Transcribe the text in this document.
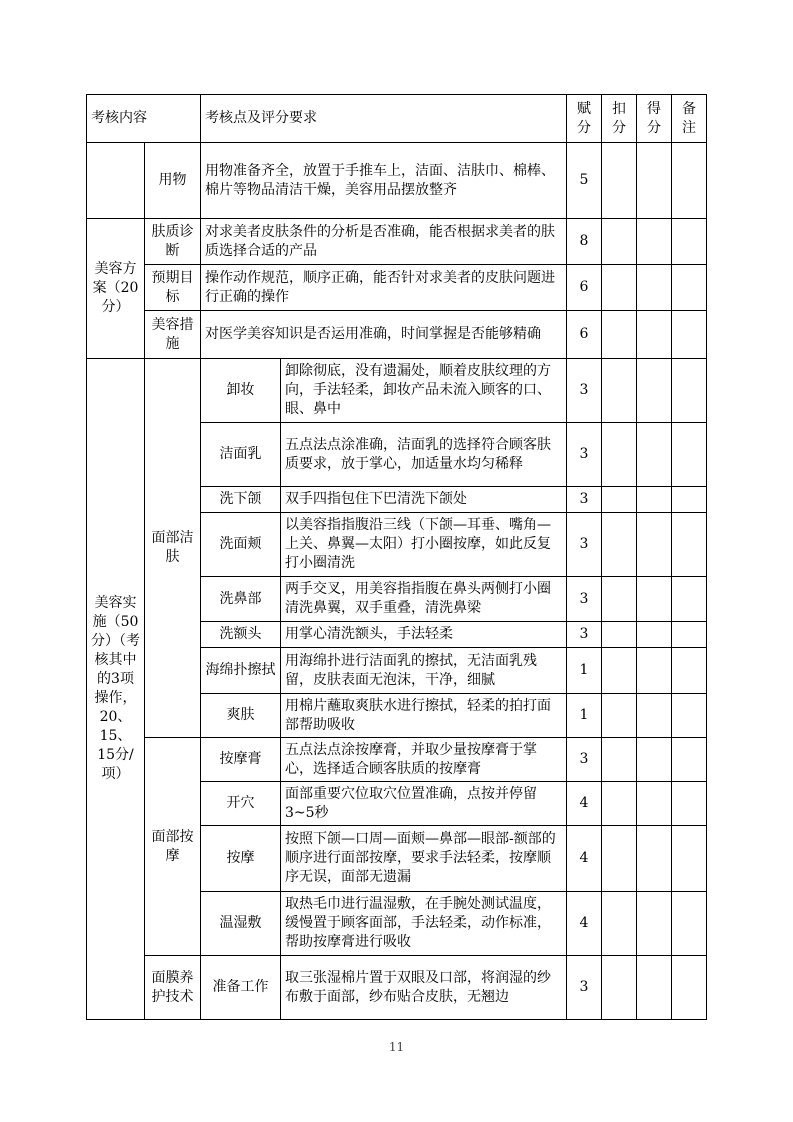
考核内容		考核点及评分要求		赋分	扣分	得分	备注
	用物	用物准备齐全，放置于手推车上，洁面、洁肤巾、棉棒、棉片等物品清洁干燥，美容用品摆放整齐		5			
美容方案（20分）	肤质诊断	对求美者皮肤条件的分析是否准确，能否根据求美者的肤质选择合适的产品		8			
	预期目标	操作动作规范，顺序正确，能否针对求美者的皮肤问题进行正确的操作		6			
	美容措施	对医学美容知识是否运用准确，时间掌握是否能够精确		6			
美容实施（50分）（考核其中的3项操作，20、15、15分/项）	面部洁肤	卸妆	卸除彻底，没有遗漏处，顺着皮肤纹理的方向，手法轻柔，卸妆产品未流入顾客的口、眼、鼻中	3			
		洁面乳	五点法点涂准确，洁面乳的选择符合顾客肤质要求，放于掌心，加适量水均匀稀释	3			
		洗下颌	双手四指包住下巴清洗下颌处	3			
		洗面颊	以美容指指腹沿三线（下颌—耳垂、嘴角—上关、鼻翼—太阳）打小圈按摩，如此反复打小圈清洗	3			
		洗鼻部	两手交叉，用美容指指腹在鼻头两侧打小圈清洗鼻翼，双手重叠，清洗鼻梁	3			
		洗额头	用掌心清洗额头，手法轻柔	3			
		海绵扑擦拭	用海绵扑进行洁面乳的擦拭，无洁面乳残留，皮肤表面无泡沫，干净，细腻	1			
		爽肤	用棉片蘸取爽肤水进行擦拭，轻柔的拍打面部帮助吸收	1			
	面部按摩	按摩膏	五点法点涂按摩膏，并取少量按摩膏于掌心，选择适合顾客肤质的按摩膏	3			
		开穴	面部重要穴位取穴位置准确，点按并停留3~5秒	4			
		按摩	按照下颌—口周—面颊—鼻部—眼部-额部的顺序进行面部按摩，要求手法轻柔，按摩顺序无误，面部无遗漏	4			
		温湿敷	取热毛巾进行温湿敷，在手腕处测试温度，缓慢置于顾客面部，手法轻柔，动作标准，帮助按摩膏进行吸收	4			
	面膜养护技术	准备工作	取三张湿棉片置于双眼及口部，将润湿的纱布敷于面部，纱布贴合皮肤，无翘边	3			
11
